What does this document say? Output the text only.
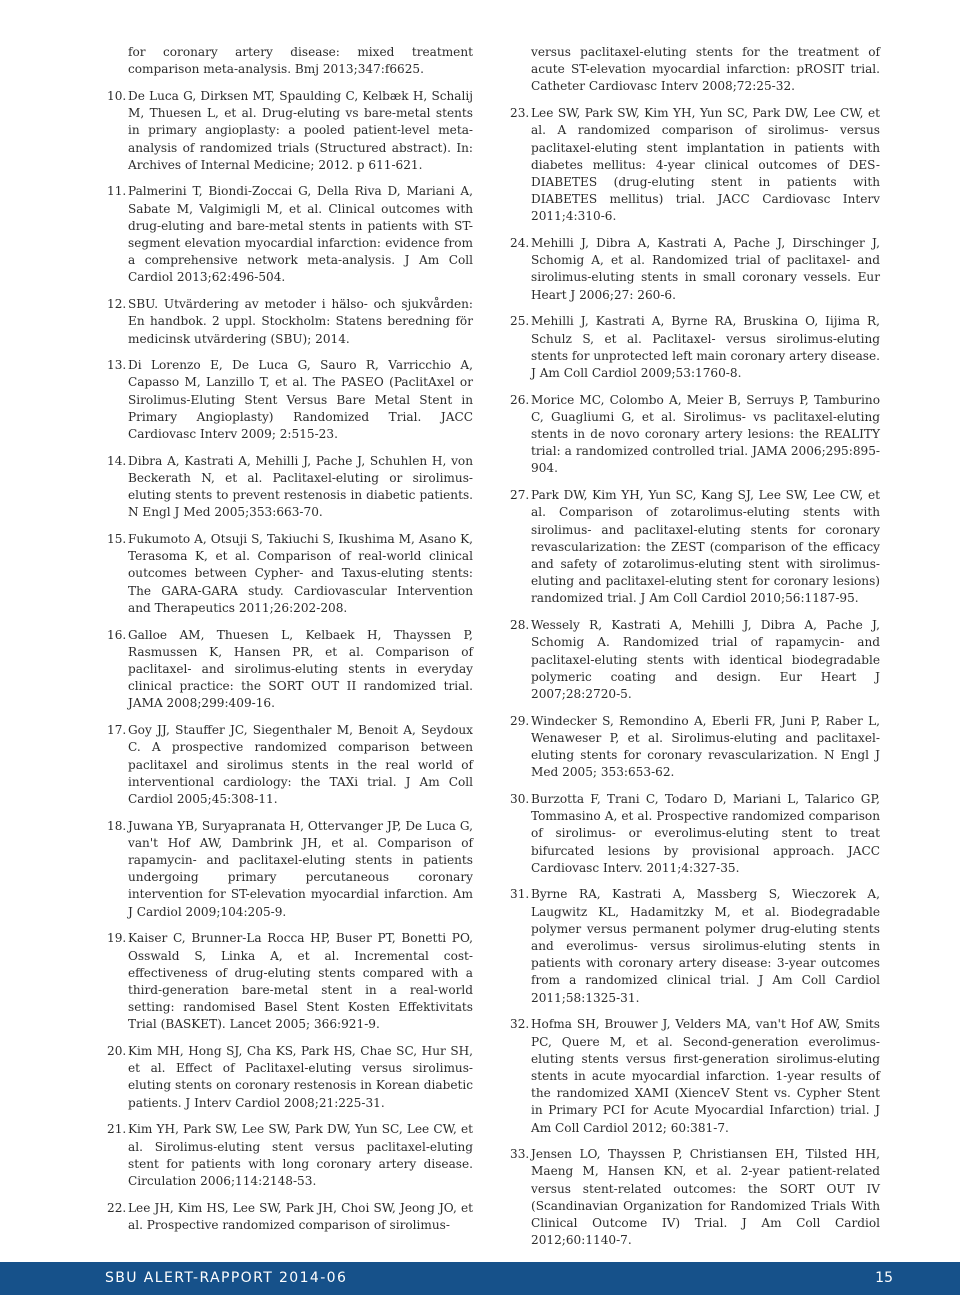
for coronary artery disease: mixed treatment comparison meta-analysis. Bmj 2013;347:f6625.
10. De Luca G, Dirksen MT, Spaulding C, Kelbæk H, Schalij M, Thuesen L, et al. Drug-eluting vs bare-metal stents in primary angioplasty: a pooled patient-level meta-analysis of randomized trials (Structured abstract). In: Archives of Internal Medicine; 2012. p 611-621.
11. Palmerini T, Biondi-Zoccai G, Della Riva D, Mariani A, Sabate M, Valgimigli M, et al. Clinical outcomes with drug-eluting and bare-metal stents in patients with ST-segment elevation myocardial infarction: evidence from a comprehensive network meta-analysis. J Am Coll Cardiol 2013;62:496-504.
12. SBU. Utvärdering av metoder i hälso- och sjukvården: En handbok. 2 uppl. Stockholm: Statens beredning för medicinsk utvärdering (SBU); 2014.
13. Di Lorenzo E, De Luca G, Sauro R, Varricchio A, Capasso M, Lanzillo T, et al. The PASEO (PaclitAxel or Sirolimus-Eluting Stent Versus Bare Metal Stent in Primary Angioplasty) Randomized Trial. JACC Cardiovasc Interv 2009; 2:515-23.
14. Dibra A, Kastrati A, Mehilli J, Pache J, Schuhlen H, von Beckerath N, et al. Paclitaxel-eluting or sirolimus-eluting stents to prevent restenosis in diabetic patients. N Engl J Med 2005;353:663-70.
15. Fukumoto A, Otsuji S, Takiuchi S, Ikushima M, Asano K, Terasoma K, et al. Comparison of real-world clinical outcomes between Cypher- and Taxus-eluting stents: The GARA-GARA study. Cardiovascular Intervention and Therapeutics 2011;26:202-208.
16. Galloe AM, Thuesen L, Kelbaek H, Thayssen P, Rasmussen K, Hansen PR, et al. Comparison of paclitaxel- and sirolimus-eluting stents in everyday clinical practice: the SORT OUT II randomized trial. JAMA 2008;299:409-16.
17. Goy JJ, Stauffer JC, Siegenthaler M, Benoit A, Seydoux C. A prospective randomized comparison between paclitaxel and sirolimus stents in the real world of interventional cardiology: the TAXi trial. J Am Coll Cardiol 2005;45:308-11.
18. Juwana YB, Suryapranata H, Ottervanger JP, De Luca G, van't Hof AW, Dambrink JH, et al. Comparison of rapamycin- and paclitaxel-eluting stents in patients undergoing primary percutaneous coronary intervention for ST-elevation myocardial infarction. Am J Cardiol 2009;104:205-9.
19. Kaiser C, Brunner-La Rocca HP, Buser PT, Bonetti PO, Osswald S, Linka A, et al. Incremental cost-effectiveness of drug-eluting stents compared with a third-generation bare-metal stent in a real-world setting: randomised Basel Stent Kosten Effektivitats Trial (BASKET). Lancet 2005; 366:921-9.
20. Kim MH, Hong SJ, Cha KS, Park HS, Chae SC, Hur SH, et al. Effect of Paclitaxel-eluting versus sirolimus-eluting stents on coronary restenosis in Korean diabetic patients. J Interv Cardiol 2008;21:225-31.
21. Kim YH, Park SW, Lee SW, Park DW, Yun SC, Lee CW, et al. Sirolimus-eluting stent versus paclitaxel-eluting stent for patients with long coronary artery disease. Circulation 2006;114:2148-53.
22. Lee JH, Kim HS, Lee SW, Park JH, Choi SW, Jeong JO, et al. Prospective randomized comparison of sirolimus-
versus paclitaxel-eluting stents for the treatment of acute ST-elevation myocardial infarction: pROSIT trial. Catheter Cardiovasc Interv 2008;72:25-32.
23. Lee SW, Park SW, Kim YH, Yun SC, Park DW, Lee CW, et al. A randomized comparison of sirolimus- versus paclitaxel-eluting stent implantation in patients with diabetes mellitus: 4-year clinical outcomes of DES-DIABETES (drug-eluting stent in patients with DIABETES mellitus) trial. JACC Cardiovasc Interv 2011;4:310-6.
24. Mehilli J, Dibra A, Kastrati A, Pache J, Dirschinger J, Schomig A, et al. Randomized trial of paclitaxel- and sirolimus-eluting stents in small coronary vessels. Eur Heart J 2006;27: 260-6.
25. Mehilli J, Kastrati A, Byrne RA, Bruskina O, Iijima R, Schulz S, et al. Paclitaxel- versus sirolimus-eluting stents for unprotected left main coronary artery disease. J Am Coll Cardiol 2009;53:1760-8.
26. Morice MC, Colombo A, Meier B, Serruys P, Tamburino C, Guagliumi G, et al. Sirolimus- vs paclitaxel-eluting stents in de novo coronary artery lesions: the REALITY trial: a randomized controlled trial. JAMA 2006;295:895-904.
27. Park DW, Kim YH, Yun SC, Kang SJ, Lee SW, Lee CW, et al. Comparison of zotarolimus-eluting stents with sirolimus- and paclitaxel-eluting stents for coronary revascularization: the ZEST (comparison of the efficacy and safety of zotarolimus-eluting stent with sirolimus-eluting and paclitaxel-eluting stent for coronary lesions) randomized trial. J Am Coll Cardiol 2010;56:1187-95.
28. Wessely R, Kastrati A, Mehilli J, Dibra A, Pache J, Schomig A. Randomized trial of rapamycin- and paclitaxel-eluting stents with identical biodegradable polymeric coating and design. Eur Heart J 2007;28:2720-5.
29. Windecker S, Remondino A, Eberli FR, Juni P, Raber L, Wenaweser P, et al. Sirolimus-eluting and paclitaxel-eluting stents for coronary revascularization. N Engl J Med 2005; 353:653-62.
30. Burzotta F, Trani C, Todaro D, Mariani L, Talarico GP, Tommasino A, et al. Prospective randomized comparison of sirolimus- or everolimus-eluting stent to treat bifurcated lesions by provisional approach. JACC Cardiovasc Interv. 2011;4:327-35.
31. Byrne RA, Kastrati A, Massberg S, Wieczorek A, Laugwitz KL, Hadamitzky M, et al. Biodegradable polymer versus permanent polymer drug-eluting stents and everolimus- versus sirolimus-eluting stents in patients with coronary artery disease: 3-year outcomes from a randomized clinical trial. J Am Coll Cardiol 2011;58:1325-31.
32. Hofma SH, Brouwer J, Velders MA, van't Hof AW, Smits PC, Quere M, et al. Second-generation everolimus-eluting stents versus first-generation sirolimus-eluting stents in acute myocardial infarction. 1-year results of the randomized XAMI (XienceV Stent vs. Cypher Stent in Primary PCI for Acute Myocardial Infarction) trial. J Am Coll Cardiol 2012; 60:381-7.
33. Jensen LO, Thayssen P, Christiansen EH, Tilsted HH, Maeng M, Hansen KN, et al. 2-year patient-related versus stent-related outcomes: the SORT OUT IV (Scandinavian Organization for Randomized Trials With Clinical Outcome IV) Trial. J Am Coll Cardiol 2012;60:1140-7.
SBU ALERT-RAPPORT 2014-06	15
